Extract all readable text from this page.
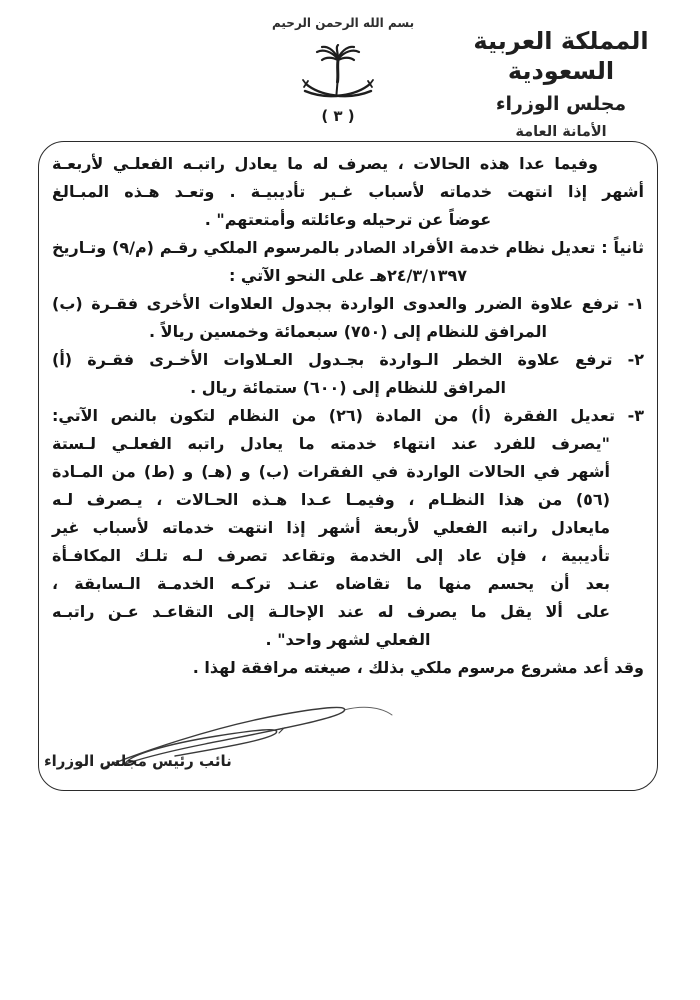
بسم الله الرحمن الرحيم
( ٣ )
المملكة العربية السعودية
مجلس الوزراء
الأمانة العامة
وفيما عدا هذه الحالات ، يصرف له ما يعادل راتبـه الفعلـي لأربعـة
أشهر إذا انتهت خدماته لأسباب غـير تأديبيـة . وتعـد هـذه المبـالغ
عوضاً عن ترحيله وعائلته وأمتعتهم" .
ثانياً : تعديل نظام خدمة الأفراد الصادر بالمرسوم الملكي رقـم (م/٩) وتـاريخ
٢٤/٣/١٣٩٧هـ على النحو الآتي :
١- ترفع علاوة الضرر والعدوى الواردة بجدول العلاوات الأخرى فقـرة (ب)
المرافق للنظام إلى (٧٥٠) سبعمائة وخمسين ريالاً .
٢- ترفع علاوة الخطر الـواردة بجـدول العـلاوات الأخـرى فقـرة (أ)
المرافق للنظام إلى (٦٠٠) ستمائة ريال .
٣- تعديل الفقرة (أ) من المادة (٢٦) من النظام لتكون بالنص الآتي:
"يصرف للفرد عند انتهاء خدمته ما يعادل راتبه الفعلـي لـستة
أشهر في الحالات الواردة في الفقرات (ب) و (هـ) و (ط) من المـادة
(٥٦) من هذا النظـام ، وفيمـا عـدا هـذه الحـالات ، يـصرف لـه
مايعادل راتبه الفعلي لأربعة أشهر إذا انتهت خدماته لأسباب غير
تأديبية ، فإن عاد إلى الخدمة وتقاعد تصرف لـه تلـك المكافـأة
بعد أن يحسم منها ما تقاضاه عنـد تركـه الخدمـة الـسابقة ،
على ألا يقل ما يصرف له عند الإحالـة إلى التقاعـد عـن راتبـه
الفعلي لشهر واحد" .
وقد أعد مشروع مرسوم ملكي بذلك ، صيغته مرافقة لهذا .
نائب رئيس مجلس الوزراء
